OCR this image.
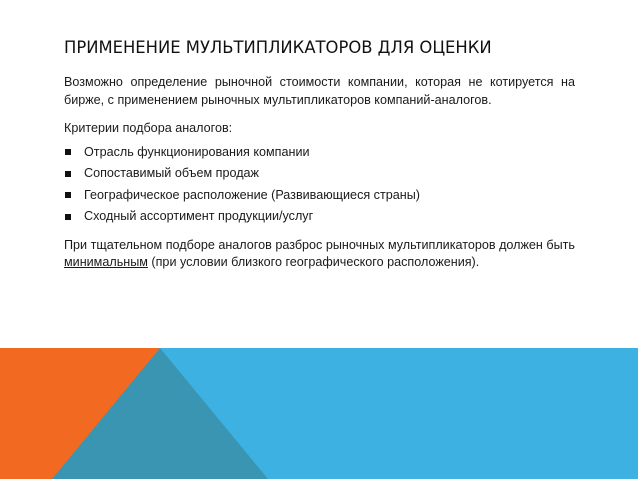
ПРИМЕНЕНИЕ МУЛЬТИПЛИКАТОРОВ ДЛЯ ОЦЕНКИ

Возможно определение рыночной стоимости компании, которая не котируется на бирже, с применением рыночных мультипликаторов компаний-аналогов.

Критерии подбора аналогов:

Отрасль функционирования компании
Сопоставимый объем продаж
Географическое расположение (Развивающиеся страны)
Сходный ассортимент продукции/услуг

При тщательном подборе аналогов разброс рыночных мультипликаторов должен быть минимальным (при условии близкого географического расположения).
